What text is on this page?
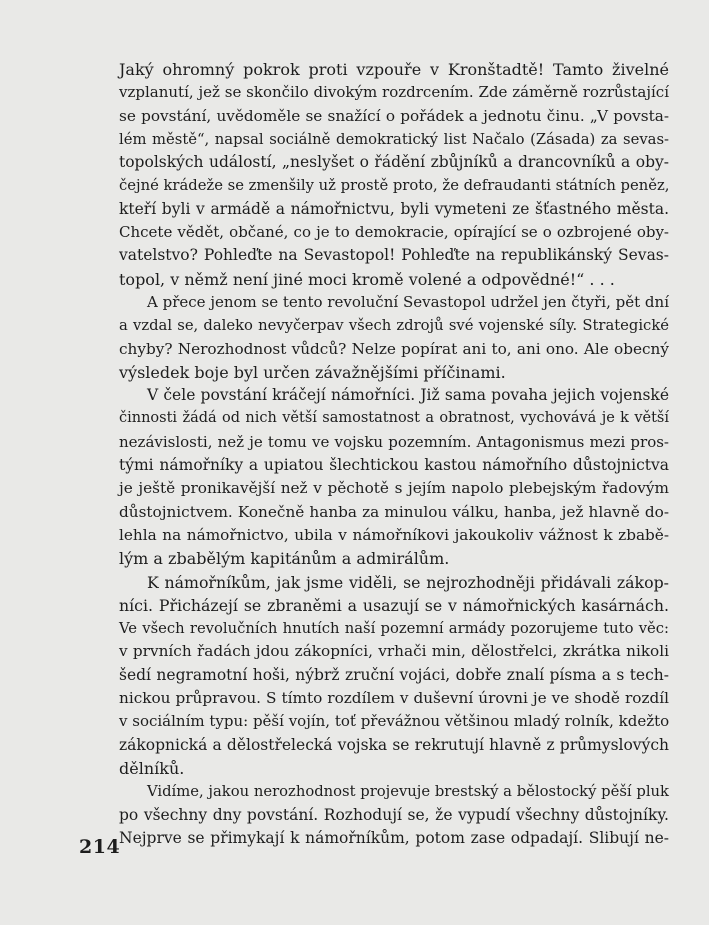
Jaký ohromný pokrok proti vzpouře v Kronštadtě! Tamto živelné
vzplanutí, jež se skončilo divokým rozdrcením. Zde záměrně rozrůstající
se povstání, uvědoměle se snažící o pořádek a jednotu činu. „V povsta-
lém městě“, napsal sociálně demokratický list Načalo (Zásada) za sevas-
topolských událostí, „neslyšet o řádění zbůjníků a drancovníků a oby-
čejné krádeže se zmenšily už prostě proto, že defraudanti státních peněz,
kteří byli v armádě a námořnictvu, byli vymeteni ze šťastného města.
Chcete vědět, občané, co je to demokracie, opírající se o ozbrojené oby-
vatelstvo? Pohleďte na Sevastopol! Pohleďte na republikánský Sevas-
topol, v němž není jiné moci kromě volené a odpovědné!“ . . .
A přece jenom se tento revoluční Sevastopol udržel jen čtyři, pět dní
a vzdal se, daleko nevyčerpav všech zdrojů své vojenské síly. Strategické
chyby? Nerozhodnost vůdců? Nelze popírat ani to, ani ono. Ale obecný
výsledek boje byl určen závažnějšími příčinami.
V čele povstání kráčejí námořníci. Již sama povaha jejich vojenské
činnosti žádá od nich větší samostatnost a obratnost, vychovává je k větší
nezávislosti, než je tomu ve vojsku pozemním. Antagonismus mezi pros-
tými námořníky a upiatou šlechtickou kastou námořního důstojnictva
je ještě pronikavější než v pěchotě s jejím napolo plebejským řadovým
důstojnictvem. Konečně hanba za minulou válku, hanba, jež hlavně do-
lehla na námořnictvo, ubila v námořníkovi jakoukoliv vážnost k zbabě-
lým a zbabělým kapitánům a admirálům.
K námořníkům, jak jsme viděli, se nejrozhodněji přidávali zákop-
níci. Přicházejí se zbraněmi a usazují se v námořnických kasárnách.
Ve všech revolučních hnutích naší pozemní armády pozorujeme tuto věc:
v prvních řadách jdou zákopníci, vrhači min, dělostřelci, zkrátka nikoli
šedí negramotní hoši, nýbrž zruční vojáci, dobře znalí písma a s tech-
nickou průpravou. S tímto rozdílem v duševní úrovni je ve shodě rozdíl
v sociálním typu: pěší vojín, toť převážnou většinou mladý rolník, kdežto
zákopnická a dělostřelecká vojska se rekrutují hlavně z průmyslových
dělníků.
Vidíme, jakou nerozhodnost projevuje brestský a bělostocký pěší pluk
po všechny dny povstání. Rozhodují se, že vypudí všechny důstojníky.
Nejprve se přimykají k námořníkům, potom zase odpadají. Slibují ne-
214
